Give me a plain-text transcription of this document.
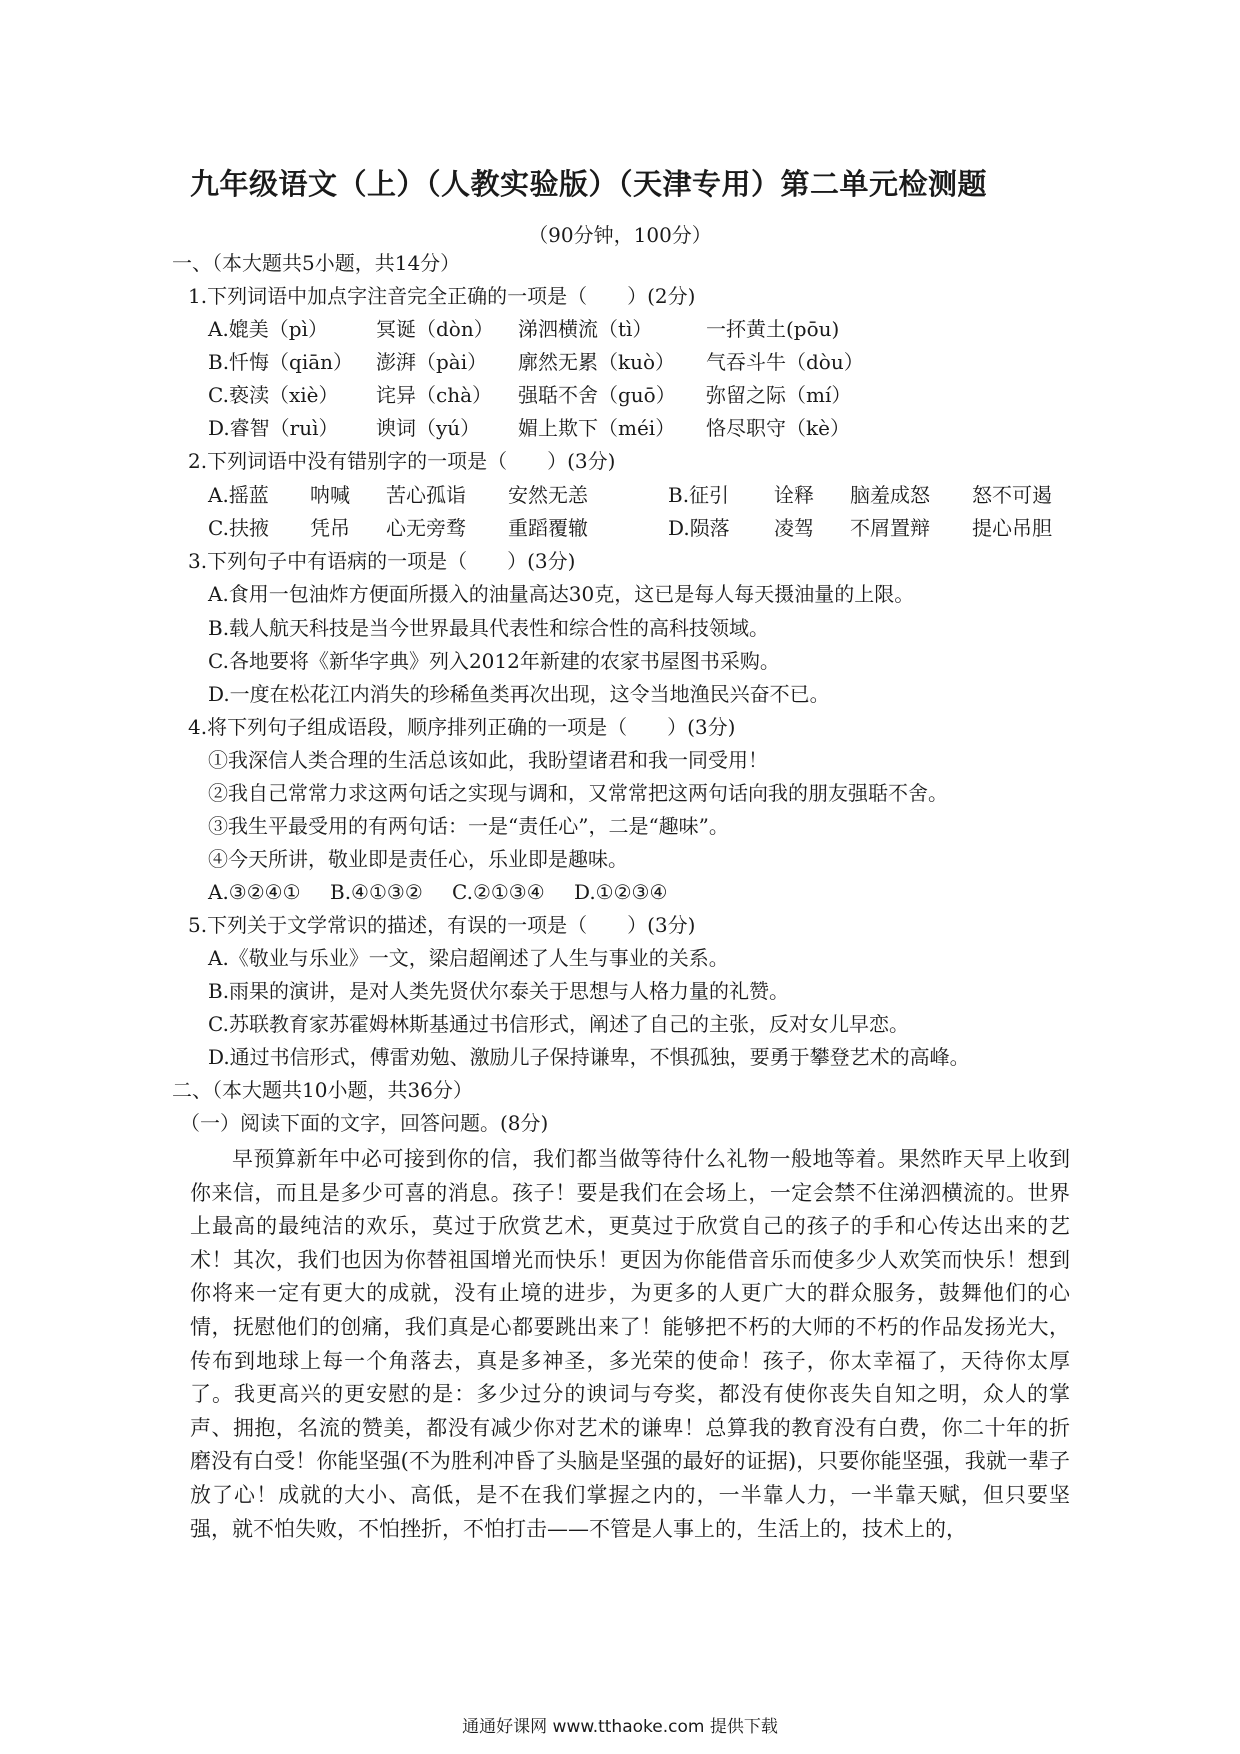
九年级语文（上）（人教实验版）（天津专用）第二单元检测题
（90分钟，100分）
一、（本大题共5小题，共14分）
1.下列词语中加点字注音完全正确的一项是（　　）(2分)
A.媲美（pì） 冥诞（dòn） 涕泗横流（tì）	一抔黄土(pōu)
B.忏悔（qiān） 澎湃（pài） 廓然无累（kuò） 气吞斗牛（dòu）
C.亵渎（xiè） 诧异（chà） 强聒不舍（guō） 弥留之际（mí）
D.睿智（ruì） 谀词（yú） 媚上欺下（méi） 恪尽职守（kè）
2.下列词语中没有错别字的一项是（　　）(3分)
A.摇蓝 呐喊 苦心孤诣 安然无恙	B.征引 诠释 脑羞成怒 怒不可遏
C.扶掖 凭吊 心无旁骛 重蹈覆辙	D.陨落 凌驾 不屑置辩 提心吊胆
3.下列句子中有语病的一项是（　　）(3分)
A.食用一包油炸方便面所摄入的油量高达30克，这已是每人每天摄油量的上限。
B.载人航天科技是当今世界最具代表性和综合性的高科技领域。
C.各地要将《新华字典》列入2012年新建的农家书屋图书采购。
D.一度在松花江内消失的珍稀鱼类再次出现，这令当地渔民兴奋不已。
4.将下列句子组成语段，顺序排列正确的一项是（　　）(3分)
①我深信人类合理的生活总该如此，我盼望诸君和我一同受用！
②我自己常常力求这两句话之实现与调和，又常常把这两句话向我的朋友强聒不舍。
③我生平最受用的有两句话：一是“责任心”，二是“趣味”。
④今天所讲，敬业即是责任心，乐业即是趣味。
A.③②④① B.④①③② C.②①③④ D.①②③④
5.下列关于文学常识的描述，有误的一项是（　　）(3分)
A.《敬业与乐业》一文，梁启超阐述了人生与事业的关系。
B.雨果的演讲，是对人类先贤伏尔泰关于思想与人格力量的礼赞。
C.苏联教育家苏霍姆林斯基通过书信形式，阐述了自己的主张，反对女儿早恋。
D.通过书信形式，傅雷劝勉、激励儿子保持谦卑，不惧孤独，要勇于攀登艺术的高峰。
二、（本大题共10小题，共36分）
（一）阅读下面的文字，回答问题。(8分)
早预算新年中必可接到你的信，我们都当做等待什么礼物一般地等着。果然昨天早上收到你来信，而且是多少可喜的消息。孩子！要是我们在会场上，一定会禁不住涕泗横流的。世界上最高的最纯洁的欢乐，莫过于欣赏艺术，更莫过于欣赏自己的孩子的手和心传达出来的艺术！其次，我们也因为你替祖国增光而快乐！更因为你能借音乐而使多少人欢笑而快乐！想到你将来一定有更大的成就，没有止境的进步，为更多的人更广大的群众服务，鼓舞他们的心情，抚慰他们的创痛，我们真是心都要跳出来了！能够把不朽的大师的不朽的作品发扬光大，传布到地球上每一个角落去，真是多神圣，多光荣的使命！孩子，你太幸福了，天待你太厚了。我更高兴的更安慰的是：多少过分的谀词与夸奖，都没有使你丧失自知之明，众人的掌声、拥抱，名流的赞美，都没有减少你对艺术的谦卑！总算我的教育没有白费，你二十年的折磨没有白受！你能坚强(不为胜利冲昏了头脑是坚强的最好的证据)，只要你能坚强，我就一辈子放了心！成就的大小、高低，是不在我们掌握之内的，一半靠人力，一半靠天赋，但只要坚强，就不怕失败，不怕挫折，不怕打击——不管是人事上的，生活上的，技术上的，
通通好课网 www.tthaoke.com 提供下载
